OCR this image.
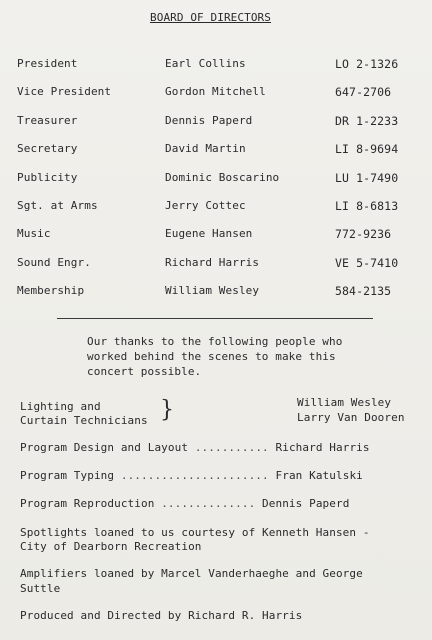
BOARD OF DIRECTORS
President	Earl Collins	LO 2-1326
Vice President	Gordon Mitchell	647-2706
Treasurer	Dennis Paperd	DR 1-2233
Secretary	David Martin	LI 8-9694
Publicity	Dominic Boscarino	LU 1-7490
Sgt. at Arms	Jerry Cottec	LI 8-6813
Music	Eugene Hansen	772-9236
Sound Engr.	Richard Harris	VE 5-7410
Membership	William Wesley	584-2135
Our thanks to the following people who
worked behind the scenes to make this
concert possible.
Lighting and
Curtain Technicians }	William Wesley
Larry Van Dooren
Program Design and Layout ........... Richard Harris
Program Typing ...................... Fran Katulski
Program Reproduction .............. Dennis Paperd
Spotlights loaned to us courtesy of Kenneth Hansen -
City of Dearborn Recreation
Amplifiers loaned by Marcel Vanderhaeghe and George
Suttle
Produced and Directed by Richard R. Harris
